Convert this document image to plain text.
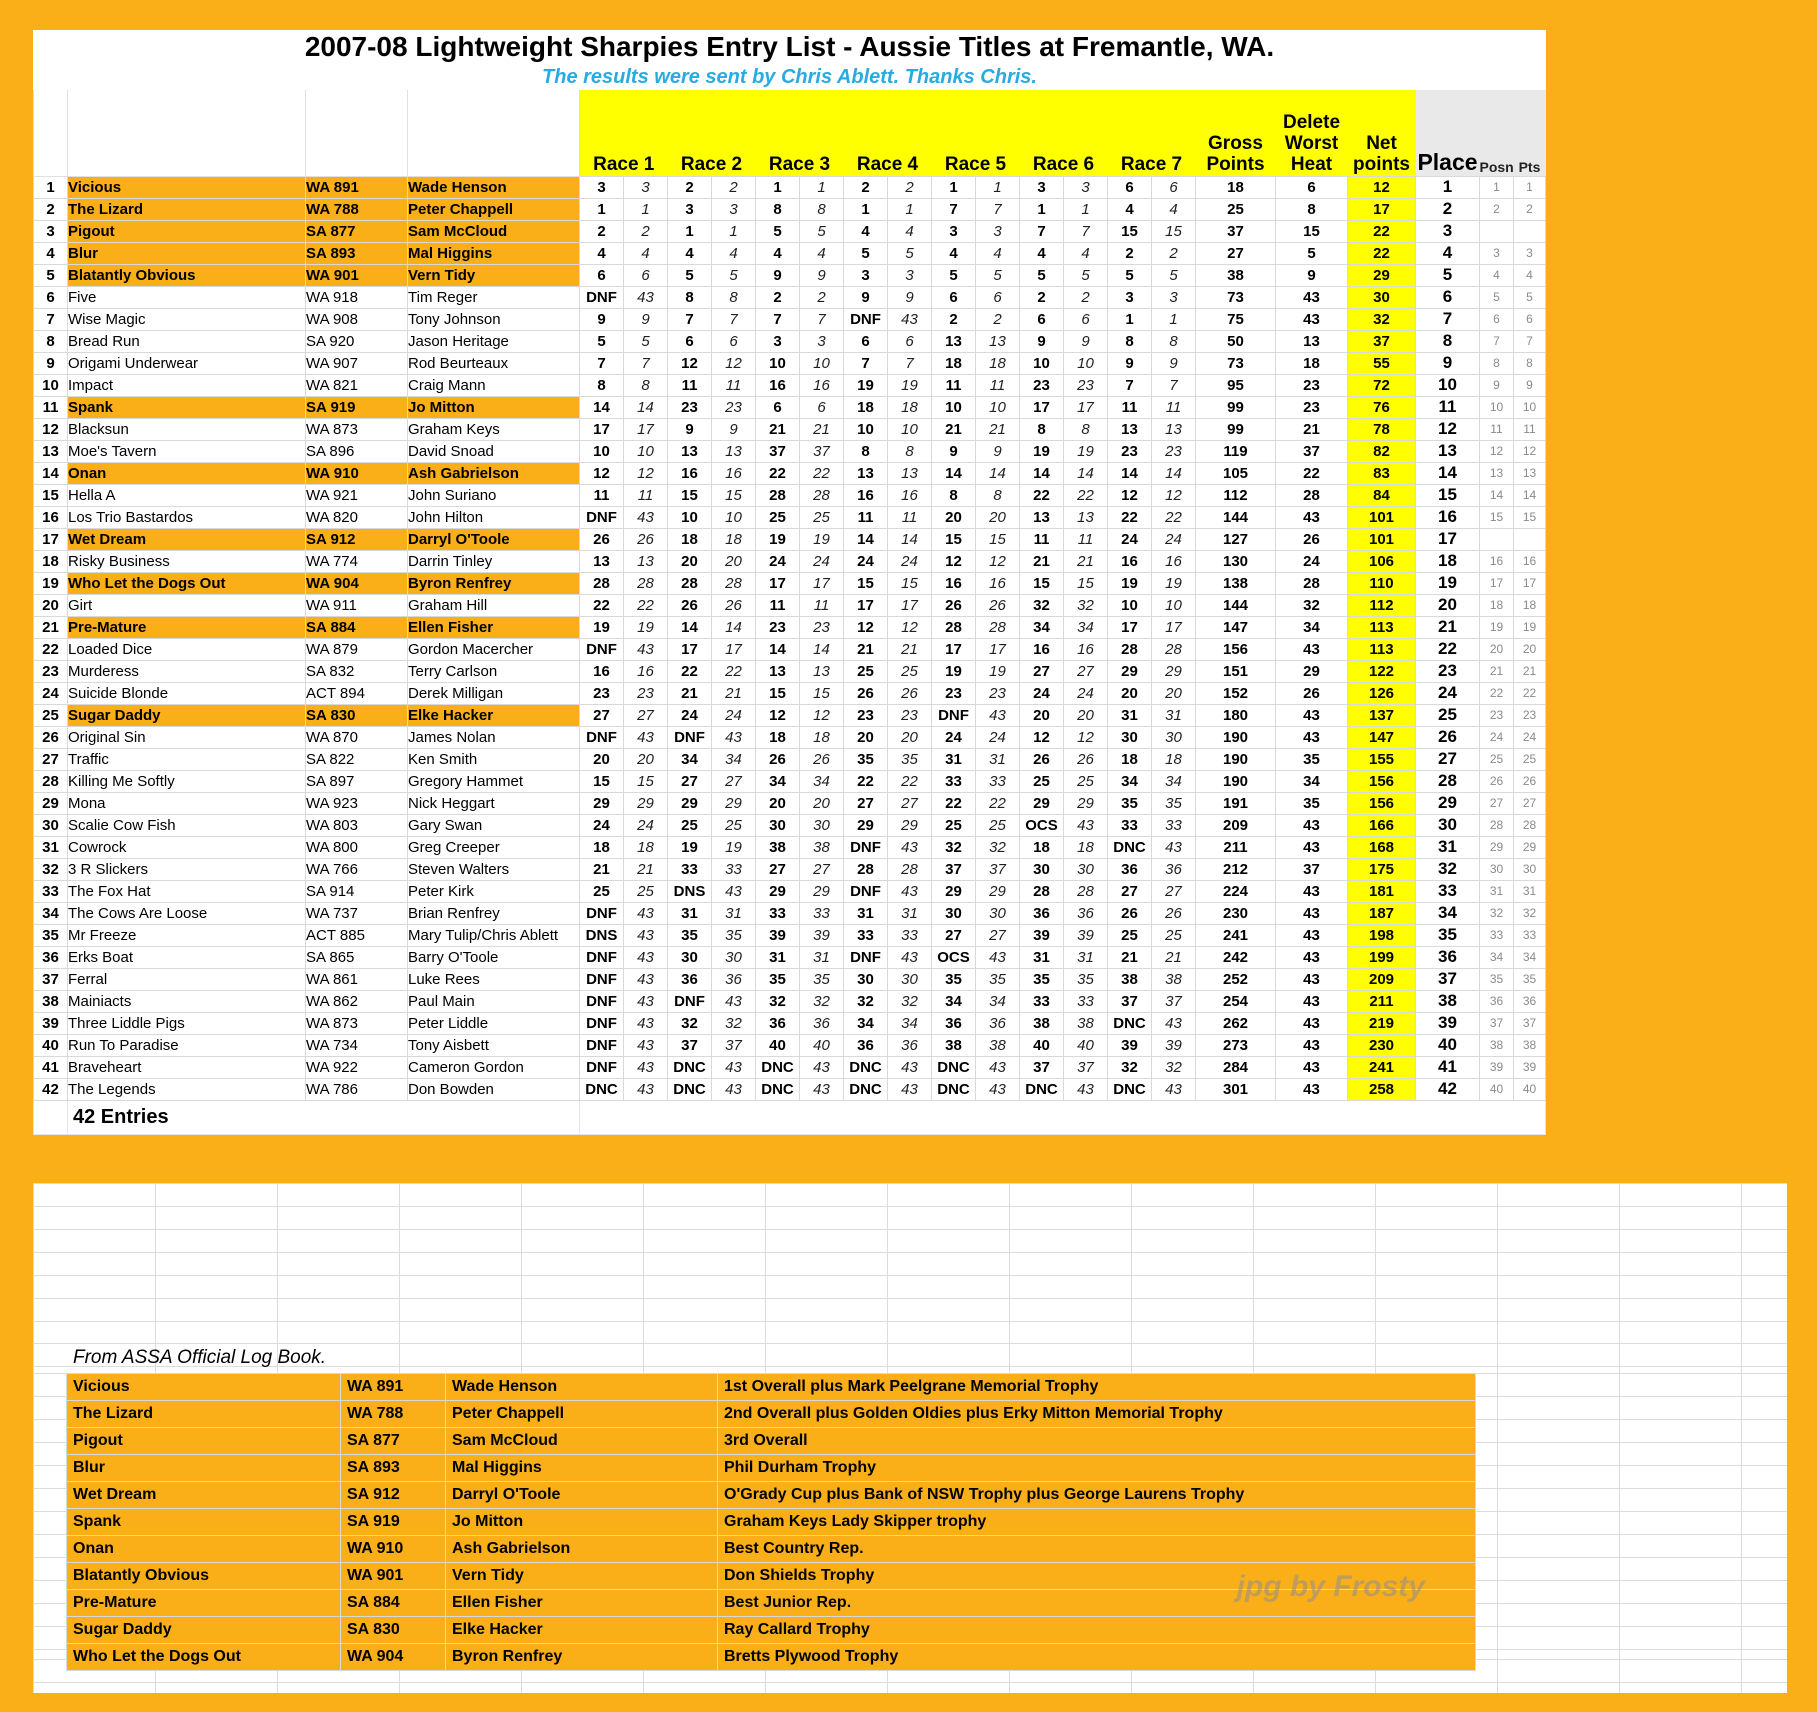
2007-08 Lightweight Sharpies Entry List - Aussie Titles at Fremantle, WA.																							
The results were sent by Chris Ablett. Thanks Chris.																							
				Race 1		Race 2		Race 3		Race 4		Race 5		Race 6		Race 7		Gross Points	Delete Worst Heat	Net points	Place	Posn	Pts
1	Vicious	WA 891	Wade Henson	3	3	2	2	1	1	2	2	1	1	3	3	6	6	18	6	12	1	1	1
2	The Lizard	WA 788	Peter Chappell	1	1	3	3	8	8	1	1	7	7	1	1	4	4	25	8	17	2	2	2
3	Pigout	SA 877	Sam McCloud	2	2	1	1	5	5	4	4	3	3	7	7	15	15	37	15	22	3		
4	Blur	SA 893	Mal Higgins	4	4	4	4	4	4	5	5	4	4	4	4	2	2	27	5	22	4	3	3
5	Blatantly Obvious	WA 901	Vern Tidy	6	6	5	5	9	9	3	3	5	5	5	5	5	5	38	9	29	5	4	4
6	Five	WA 918	Tim Reger	DNF	43	8	8	2	2	9	9	6	6	2	2	3	3	73	43	30	6	5	5
7	Wise Magic	WA 908	Tony Johnson	9	9	7	7	7	7	DNF	43	2	2	6	6	1	1	75	43	32	7	6	6
8	Bread Run	SA 920	Jason Heritage	5	5	6	6	3	3	6	6	13	13	9	9	8	8	50	13	37	8	7	7
9	Origami Underwear	WA 907	Rod Beurteaux	7	7	12	12	10	10	7	7	18	18	10	10	9	9	73	18	55	9	8	8
10	Impact	WA 821	Craig Mann	8	8	11	11	16	16	19	19	11	11	23	23	7	7	95	23	72	10	9	9
11	Spank	SA 919	Jo Mitton	14	14	23	23	6	6	18	18	10	10	17	17	11	11	99	23	76	11	10	10
12	Blacksun	WA 873	Graham Keys	17	17	9	9	21	21	10	10	21	21	8	8	13	13	99	21	78	12	11	11
13	Moe's Tavern	SA 896	David Snoad	10	10	13	13	37	37	8	8	9	9	19	19	23	23	119	37	82	13	12	12
14	Onan	WA 910	Ash Gabrielson	12	12	16	16	22	22	13	13	14	14	14	14	14	14	105	22	83	14	13	13
15	Hella A	WA 921	John Suriano	11	11	15	15	28	28	16	16	8	8	22	22	12	12	112	28	84	15	14	14
16	Los Trio Bastardos	WA 820	John Hilton	DNF	43	10	10	25	25	11	11	20	20	13	13	22	22	144	43	101	16	15	15
17	Wet Dream	SA 912	Darryl O'Toole	26	26	18	18	19	19	14	14	15	15	11	11	24	24	127	26	101	17		
18	Risky Business	WA 774	Darrin Tinley	13	13	20	20	24	24	24	24	12	12	21	21	16	16	130	24	106	18	16	16
19	Who Let the Dogs Out	WA 904	Byron Renfrey	28	28	28	28	17	17	15	15	16	16	15	15	19	19	138	28	110	19	17	17
20	Girt	WA 911	Graham Hill	22	22	26	26	11	11	17	17	26	26	32	32	10	10	144	32	112	20	18	18
21	Pre-Mature	SA 884	Ellen Fisher	19	19	14	14	23	23	12	12	28	28	34	34	17	17	147	34	113	21	19	19
22	Loaded Dice	WA 879	Gordon Macercher	DNF	43	17	17	14	14	21	21	17	17	16	16	28	28	156	43	113	22	20	20
23	Murderess	SA 832	Terry Carlson	16	16	22	22	13	13	25	25	19	19	27	27	29	29	151	29	122	23	21	21
24	Suicide Blonde	ACT 894	Derek Milligan	23	23	21	21	15	15	26	26	23	23	24	24	20	20	152	26	126	24	22	22
25	Sugar Daddy	SA 830	Elke Hacker	27	27	24	24	12	12	23	23	DNF	43	20	20	31	31	180	43	137	25	23	23
26	Original Sin	WA 870	James Nolan	DNF	43	DNF	43	18	18	20	20	24	24	12	12	30	30	190	43	147	26	24	24
27	Traffic	SA 822	Ken Smith	20	20	34	34	26	26	35	35	31	31	26	26	18	18	190	35	155	27	25	25
28	Killing Me Softly	SA 897	Gregory Hammet	15	15	27	27	34	34	22	22	33	33	25	25	34	34	190	34	156	28	26	26
29	Mona	WA 923	Nick Heggart	29	29	29	29	20	20	27	27	22	22	29	29	35	35	191	35	156	29	27	27
30	Scalie Cow Fish	WA 803	Gary Swan	24	24	25	25	30	30	29	29	25	25	OCS	43	33	33	209	43	166	30	28	28
31	Cowrock	WA 800	Greg Creeper	18	18	19	19	38	38	DNF	43	32	32	18	18	DNC	43	211	43	168	31	29	29
32	3 R Slickers	WA 766	Steven Walters	21	21	33	33	27	27	28	28	37	37	30	30	36	36	212	37	175	32	30	30
33	The Fox Hat	SA 914	Peter Kirk	25	25	DNS	43	29	29	DNF	43	29	29	28	28	27	27	224	43	181	33	31	31
34	The Cows Are Loose	WA 737	Brian Renfrey	DNF	43	31	31	33	33	31	31	30	30	36	36	26	26	230	43	187	34	32	32
35	Mr Freeze	ACT 885	Mary Tulip/Chris Ablett	DNS	43	35	35	39	39	33	33	27	27	39	39	25	25	241	43	198	35	33	33
36	Erks Boat	SA 865	Barry O'Toole	DNF	43	30	30	31	31	DNF	43	OCS	43	31	31	21	21	242	43	199	36	34	34
37	Ferral	WA 861	Luke Rees	DNF	43	36	36	35	35	30	30	35	35	35	35	38	38	252	43	209	37	35	35
38	Mainiacts	WA 862	Paul Main	DNF	43	DNF	43	32	32	32	32	34	34	33	33	37	37	254	43	211	38	36	36
39	Three Liddle Pigs	WA 873	Peter Liddle	DNF	43	32	32	36	36	34	34	36	36	38	38	DNC	43	262	43	219	39	37	37
40	Run To Paradise	WA 734	Tony Aisbett	DNF	43	37	37	40	40	36	36	38	38	40	40	39	39	273	43	230	40	38	38
41	Braveheart	WA 922	Cameron Gordon	DNF	43	DNC	43	DNC	43	DNC	43	DNC	43	37	37	32	32	284	43	241	41	39	39
42	The Legends	WA 786	Don Bowden	DNC	43	DNC	43	DNC	43	DNC	43	DNC	43	DNC	43	DNC	43	301	43	258	42	40	40
	42 Entries																						
From ASSA Official Log Book.
Vicious	WA 891	Wade Henson	1st Overall plus Mark Peelgrane Memorial Trophy
The Lizard	WA 788	Peter Chappell	2nd Overall plus Golden Oldies plus Erky Mitton Memorial Trophy
Pigout	SA 877	Sam McCloud	3rd Overall
Blur	SA 893	Mal Higgins	Phil Durham Trophy
Wet Dream	SA 912	Darryl O'Toole	O'Grady Cup plus Bank of NSW Trophy plus George Laurens Trophy
Spank	SA 919	Jo Mitton	Graham Keys Lady Skipper trophy
Onan	WA 910	Ash Gabrielson	Best Country Rep.
Blatantly Obvious	WA 901	Vern Tidy	Don Shields Trophy
Pre-Mature	SA 884	Ellen Fisher	Best Junior Rep.
Sugar Daddy	SA 830	Elke Hacker	Ray Callard Trophy
Who Let the Dogs Out	WA 904	Byron Renfrey	Bretts Plywood Trophy
jpg by Frosty
